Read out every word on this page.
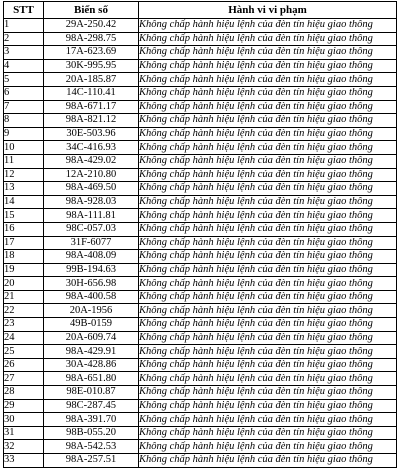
STT	Biển số	Hành vi vi phạm
1	29A-250.42	Không chấp hành hiệu lệnh của đèn tín hiệu giao thông
2	98A-298.75	Không chấp hành hiệu lệnh của đèn tín hiệu giao thông
3	17A-623.69	Không chấp hành hiệu lệnh của đèn tín hiệu giao thông
4	30K-995.95	Không chấp hành hiệu lệnh của đèn tín hiệu giao thông
5	20A-185.87	Không chấp hành hiệu lệnh của đèn tín hiệu giao thông
6	14C-110.41	Không chấp hành hiệu lệnh của đèn tín hiệu giao thông
7	98A-671.17	Không chấp hành hiệu lệnh của đèn tín hiệu giao thông
8	98A-821.12	Không chấp hành hiệu lệnh của đèn tín hiệu giao thông
9	30E-503.96	Không chấp hành hiệu lệnh của đèn tín hiệu giao thông
10	34C-416.93	Không chấp hành hiệu lệnh của đèn tín hiệu giao thông
11	98A-429.02	Không chấp hành hiệu lệnh của đèn tín hiệu giao thông
12	12A-210.80	Không chấp hành hiệu lệnh của đèn tín hiệu giao thông
13	98A-469.50	Không chấp hành hiệu lệnh của đèn tín hiệu giao thông
14	98A-928.03	Không chấp hành hiệu lệnh của đèn tín hiệu giao thông
15	98A-111.81	Không chấp hành hiệu lệnh của đèn tín hiệu giao thông
16	98C-057.03	Không chấp hành hiệu lệnh của đèn tín hiệu giao thông
17	31F-6077	Không chấp hành hiệu lệnh của đèn tín hiệu giao thông
18	98A-408.09	Không chấp hành hiệu lệnh của đèn tín hiệu giao thông
19	99B-194.63	Không chấp hành hiệu lệnh của đèn tín hiệu giao thông
20	30H-656.98	Không chấp hành hiệu lệnh của đèn tín hiệu giao thông
21	98A-400.58	Không chấp hành hiệu lệnh của đèn tín hiệu giao thông
22	20A-1956	Không chấp hành hiệu lệnh của đèn tín hiệu giao thông
23	49B-0159	Không chấp hành hiệu lệnh của đèn tín hiệu giao thông
24	20A-609.74	Không chấp hành hiệu lệnh của đèn tín hiệu giao thông
25	98A-429.91	Không chấp hành hiệu lệnh của đèn tín hiệu giao thông
26	30A-428.86	Không chấp hành hiệu lệnh của đèn tín hiệu giao thông
27	98A-651.80	Không chấp hành hiệu lệnh của đèn tín hiệu giao thông
28	98E-010.87	Không chấp hành hiệu lệnh của đèn tín hiệu giao thông
29	98C-287.45	Không chấp hành hiệu lệnh của đèn tín hiệu giao thông
30	98A-391.70	Không chấp hành hiệu lệnh của đèn tín hiệu giao thông
31	98B-055.20	Không chấp hành hiệu lệnh của đèn tín hiệu giao thông
32	98A-542.53	Không chấp hành hiệu lệnh của đèn tín hiệu giao thông
33	98A-257.51	Không chấp hành hiệu lệnh của đèn tín hiệu giao thông
